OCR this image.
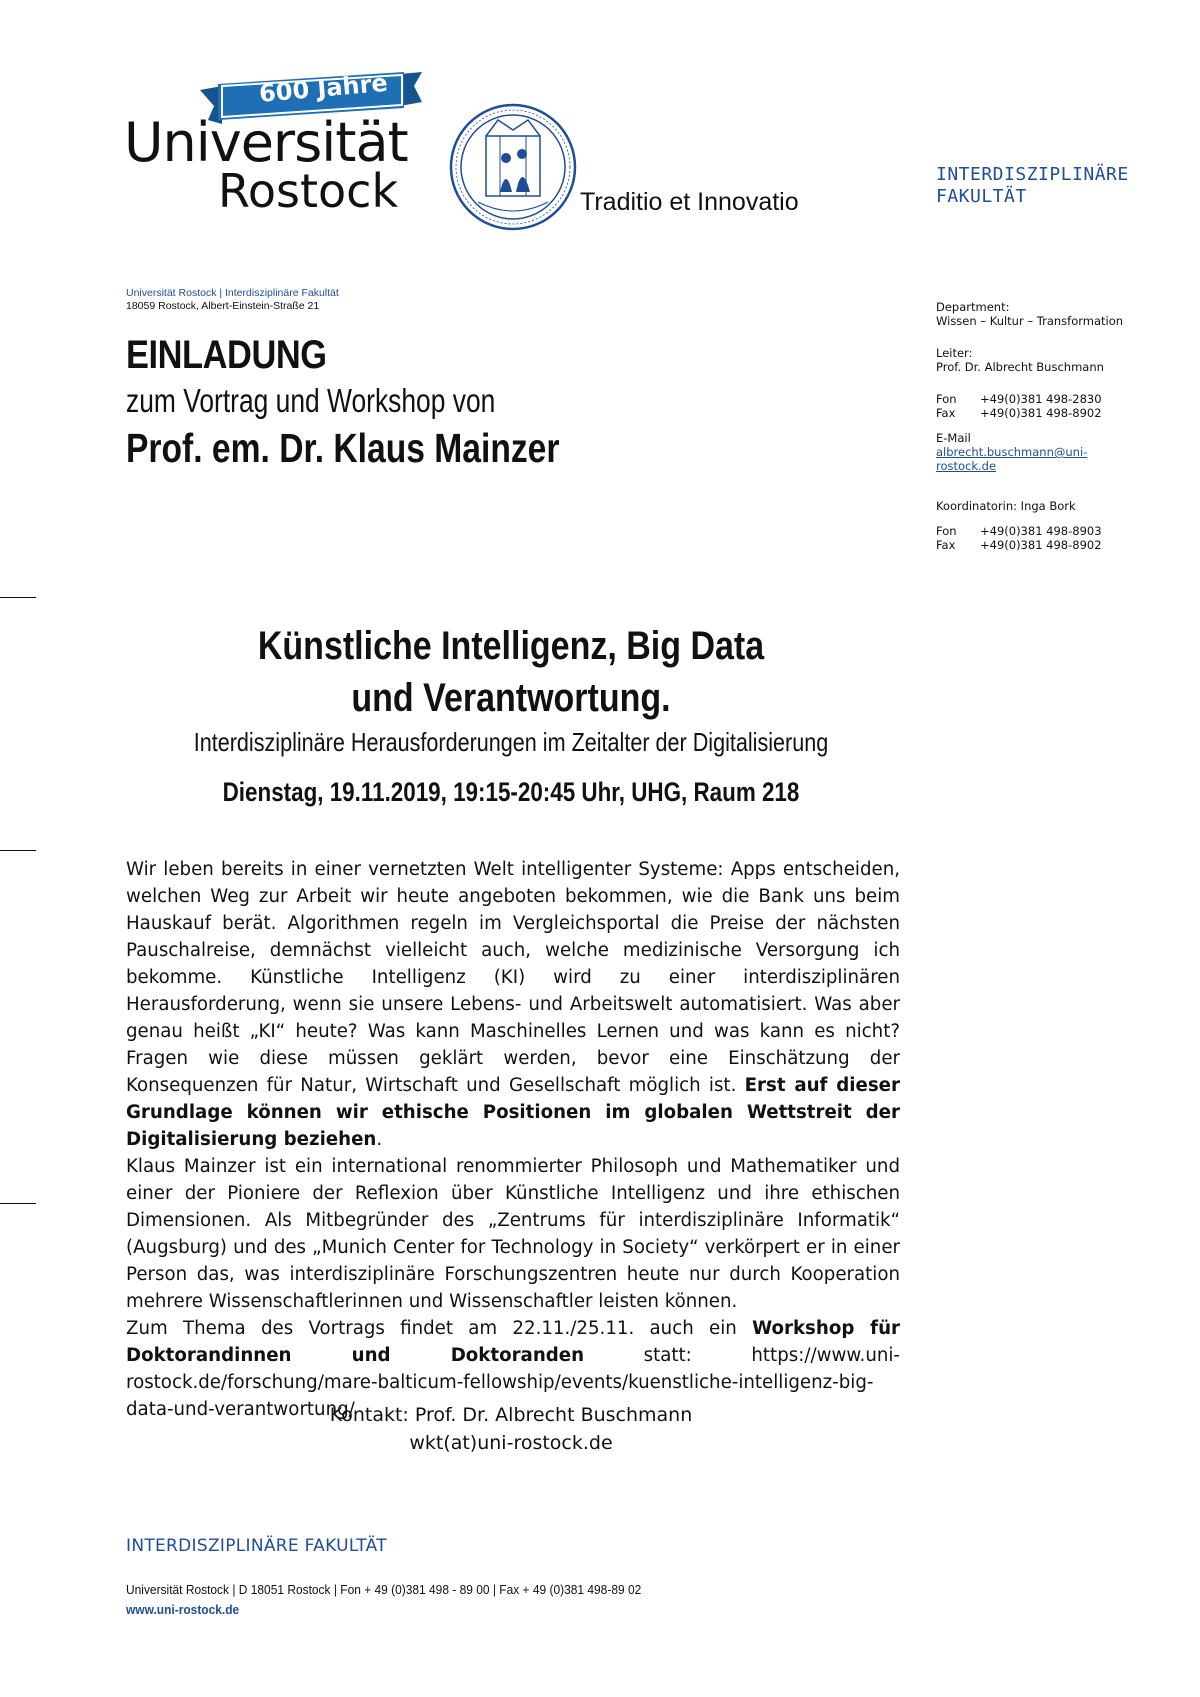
600 Jahre
Universität
Rostock	Traditio et Innovatio
INTERDISZIPLINÄRE
FAKULTÄT
Universität Rostock | Interdisziplinäre Fakultät
18059 Rostock, Albert-Einstein-Straße 21	Department:

Wissen – Kultur – Transformation

Leiter:

Prof. Dr. Albrecht Buschmann

Fon	+49(0)381 498-2830
Fax	+49(0)381 498-8902

E-Mail

albrecht.buschmann@uni-
rostock.de

Koordinatorin: Inga Bork

Fon	+49(0)381 498-8903
Fax	+49(0)381 498-8902
EINLADUNG
zum Vortrag und Workshop von
Prof. em. Dr. Klaus Mainzer
Künstliche Intelligenz, Big Data
und Verantwortung.
Interdisziplinäre Herausforderungen im Zeitalter der Digitalisierung
Dienstag, 19.11.2019, 19:15-20:45 Uhr, UHG, Raum 218

Wir leben bereits in einer vernetzten Welt intelligenter Systeme: Apps entscheiden, welchen Weg zur Arbeit wir heute angeboten bekommen, wie die Bank uns beim Hauskauf berät. Algorithmen regeln im Vergleichsportal die Preise der nächsten Pauschalreise, demnächst vielleicht auch, welche medizinische Versorgung ich bekomme. Künstliche Intelligenz (KI) wird zu einer interdisziplinären Herausforderung, wenn sie unsere Lebens- und Arbeitswelt automatisiert. Was aber genau heißt „KI“ heute? Was kann Maschinelles Lernen und was kann es nicht? Fragen wie diese müssen geklärt werden, bevor eine Einschätzung der Konsequenzen für Natur, Wirtschaft und Gesellschaft möglich ist. Erst auf dieser Grundlage können wir ethische Positionen im globalen Wettstreit der Digitalisierung beziehen.

Klaus Mainzer ist ein international renommierter Philosoph und Mathematiker und einer der Pioniere der Reflexion über Künstliche Intelligenz und ihre ethischen Dimensionen. Als Mitbegründer des „Zentrums für interdisziplinäre Informatik“ (Augsburg) und des „Munich Center for Technology in Society“ verkörpert er in einer Person das, was interdisziplinäre Forschungszentren heute nur durch Kooperation mehrere Wissenschaftlerinnen und Wissenschaftler leisten können.

Zum Thema des Vortrags findet am 22.11./25.11. auch ein Workshop für Doktorandinnen und Doktoranden statt: https://www.uni-rostock.de/forschung/mare-balticum-fellowship/events/kuenstliche-intelligenz-big-data-und-verantwortung/

Kontakt: Prof. Dr. Albrecht Buschmann
wkt(at)uni-rostock.de
INTERDISZIPLINÄRE FAKULTÄT
Universität Rostock | D 18051 Rostock | Fon + 49 (0)381 498 - 89 00 | Fax + 49 (0)381 498-89 02
www.uni-rostock.de
